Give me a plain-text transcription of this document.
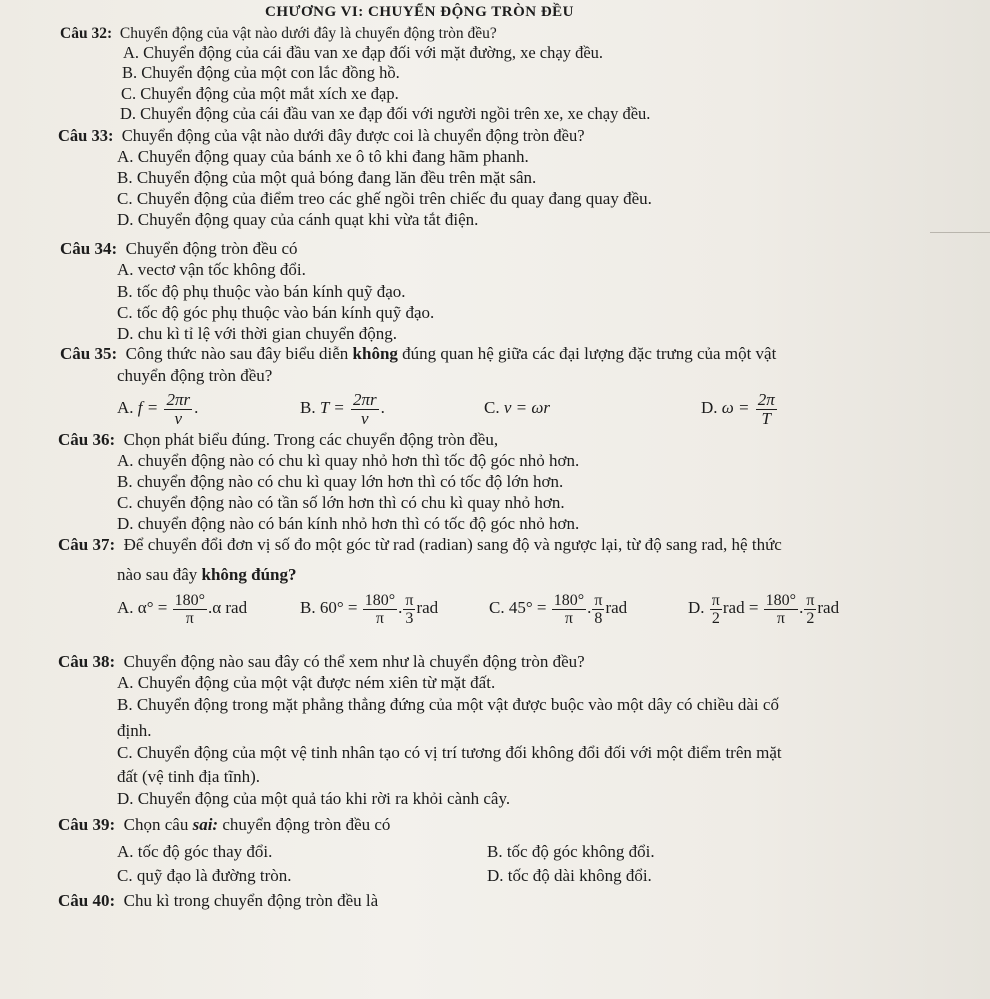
CHƯƠNG VI: CHUYỂN ĐỘNG TRÒN ĐỀU
Câu 32: Chuyển động của vật nào dưới đây là chuyển động tròn đều?
A. Chuyển động của cái đầu van xe đạp đối với mặt đường, xe chạy đều.
B. Chuyển động của một con lắc đồng hồ.
C. Chuyển động của một mắt xích xe đạp.
D. Chuyển động của cái đầu van xe đạp đối với người ngồi trên xe, xe chạy đều.
Câu 33: Chuyển động của vật nào dưới đây được coi là chuyển động tròn đều?
A. Chuyển động quay của bánh xe ô tô khi đang hãm phanh.
B. Chuyển động của một quả bóng đang lăn đều trên mặt sân.
C. Chuyển động của điểm treo các ghế ngồi trên chiếc đu quay đang quay đều.
D. Chuyển động quay của cánh quạt khi vừa tắt điện.
Câu 34: Chuyển động tròn đều có
A. vectơ vận tốc không đổi.
B. tốc độ phụ thuộc vào bán kính quỹ đạo.
C. tốc độ góc phụ thuộc vào bán kính quỹ đạo.
D. chu kì tỉ lệ với thời gian chuyển động.
Câu 35: Công thức nào sau đây biểu diễn không đúng quan hệ giữa các đại lượng đặc trưng của một vật
chuyển động tròn đều?
A. $f = \frac{2\pi r}{v}$ .	B. $T = \frac{2\pi r}{v}$ .	C. v = ωr	D. $\omega = \frac{2\pi}{T}$
Câu 36: Chọn phát biểu đúng. Trong các chuyển động tròn đều,
A. chuyển động nào có chu kì quay nhỏ hơn thì tốc độ góc nhỏ hơn.
B. chuyển động nào có chu kì quay lớn hơn thì có tốc độ lớn hơn.
C. chuyển động nào có tần số lớn hơn thì có chu kì quay nhỏ hơn.
D. chuyển động nào có bán kính nhỏ hơn thì có tốc độ góc nhỏ hơn.
Câu 37: Để chuyển đổi đơn vị số đo một góc từ rad (radian) sang độ và ngược lại, từ độ sang rad, hệ thức
nào sau đây không đúng?
A. $\alpha^\circ = \frac{180^\circ}{\pi} .\alpha$ rad	B. $60^\circ = \frac{180^\circ}{\pi}$ . $\frac{\pi}{3}$ rad	C. $45^\circ = \frac{180^\circ}{\pi}$ . $\frac{\pi}{8}$ rad	D. $\frac{\pi}{2}$ rad = $\frac{180^\circ}{\pi}$ . $\frac{\pi}{2}$ rad
Câu 38: Chuyển động nào sau đây có thể xem như là chuyển động tròn đều?
A. Chuyển động của một vật được ném xiên từ mặt đất.
B. Chuyển động trong mặt phẳng thẳng đứng của một vật được buộc vào một dây có chiều dài cố
định.
C. Chuyển động của một vệ tinh nhân tạo có vị trí tương đối không đổi đối với một điểm trên mặt
đất (vệ tinh địa tĩnh).
D. Chuyển động của một quả táo khi rời ra khỏi cành cây.
Câu 39: Chọn câu sai: chuyển động tròn đều có
A. tốc độ góc thay đổi.	B. tốc độ góc không đổi.
C. quỹ đạo là đường tròn.	D. tốc độ dài không đổi.
Câu 40: Chu kì trong chuyển động tròn đều là
